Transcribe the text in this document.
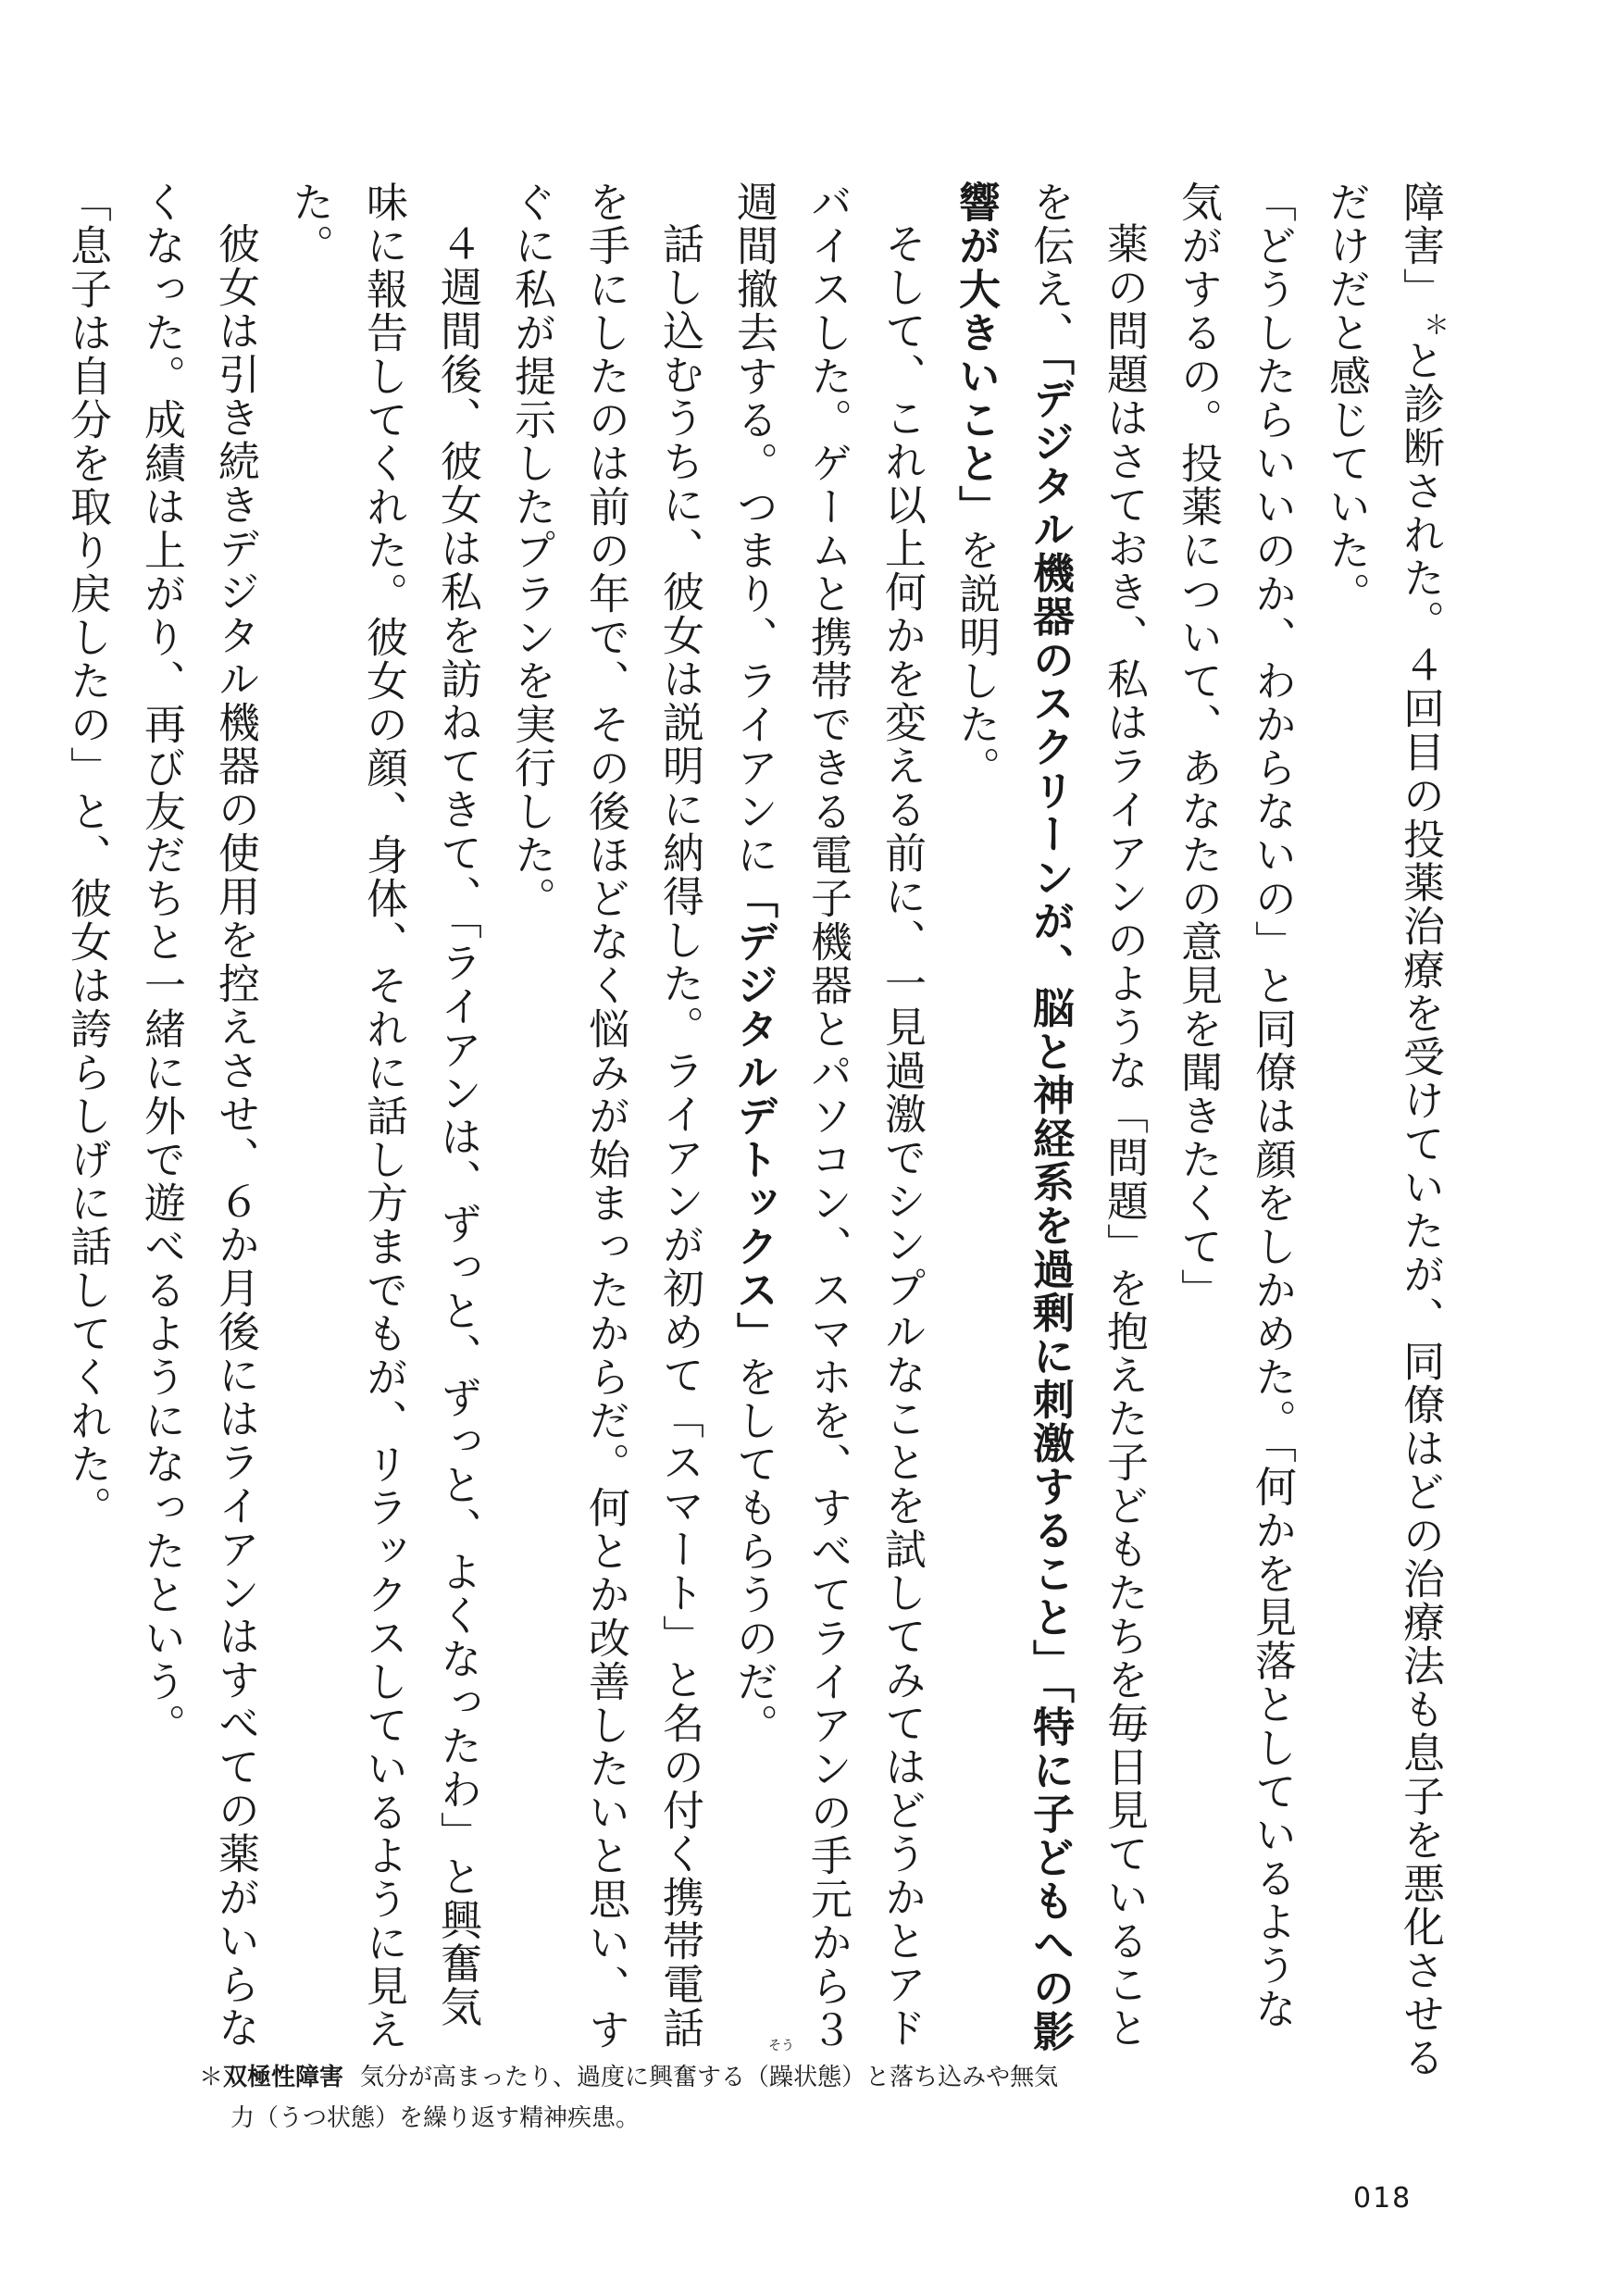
障害」＊と診断された。４回目の投薬治療を受けていたが、同僚はどの治療法も息子を悪化させる
だけだと感じていた。
「どうしたらいいのか、わからないの」と同僚は顔をしかめた。「何かを見落としているような
気がするの。投薬について、あなたの意見を聞きたくて」
薬の問題はさておき、私はライアンのような「問題」を抱えた子どもたちを毎日見ていること
を伝え、「デジタル機器のスクリーンが、脳と神経系を過剰に刺激すること」「特に子どもへの影
響が大きいこと」を説明した。
そして、これ以上何かを変える前に、一見過激でシンプルなことを試してみてはどうかとアド
バイスした。ゲームと携帯できる電子機器とパソコン、スマホを、すべてライアンの手元から３
週間撤去する。つまり、ライアンに「デジタルデトックス」をしてもらうのだ。
話し込むうちに、彼女は説明に納得した。ライアンが初めて「スマート」と名の付く携帯電話
を手にしたのは前の年で、その後ほどなく悩みが始まったからだ。何とか改善したいと思い、す
ぐに私が提示したプランを実行した。
４週間後、彼女は私を訪ねてきて、「ライアンは、ずっと、ずっと、よくなったわ」と興奮気
味に報告してくれた。彼女の顔、身体、それに話し方までもが、リラックスしているように見え
た。
彼女は引き続きデジタル機器の使用を控えさせ、６か月後にはライアンはすべての薬がいらな
くなった。成績は上がり、再び友だちと一緒に外で遊べるようになったという。
「息子は自分を取り戻したの」と、彼女は誇らしげに話してくれた。
＊双極性障害 気分が高まったり、過度に興奮する（
そう
躁状態）と落ち込みや無気
力（うつ状態）を繰り返す精神疾患。
018
